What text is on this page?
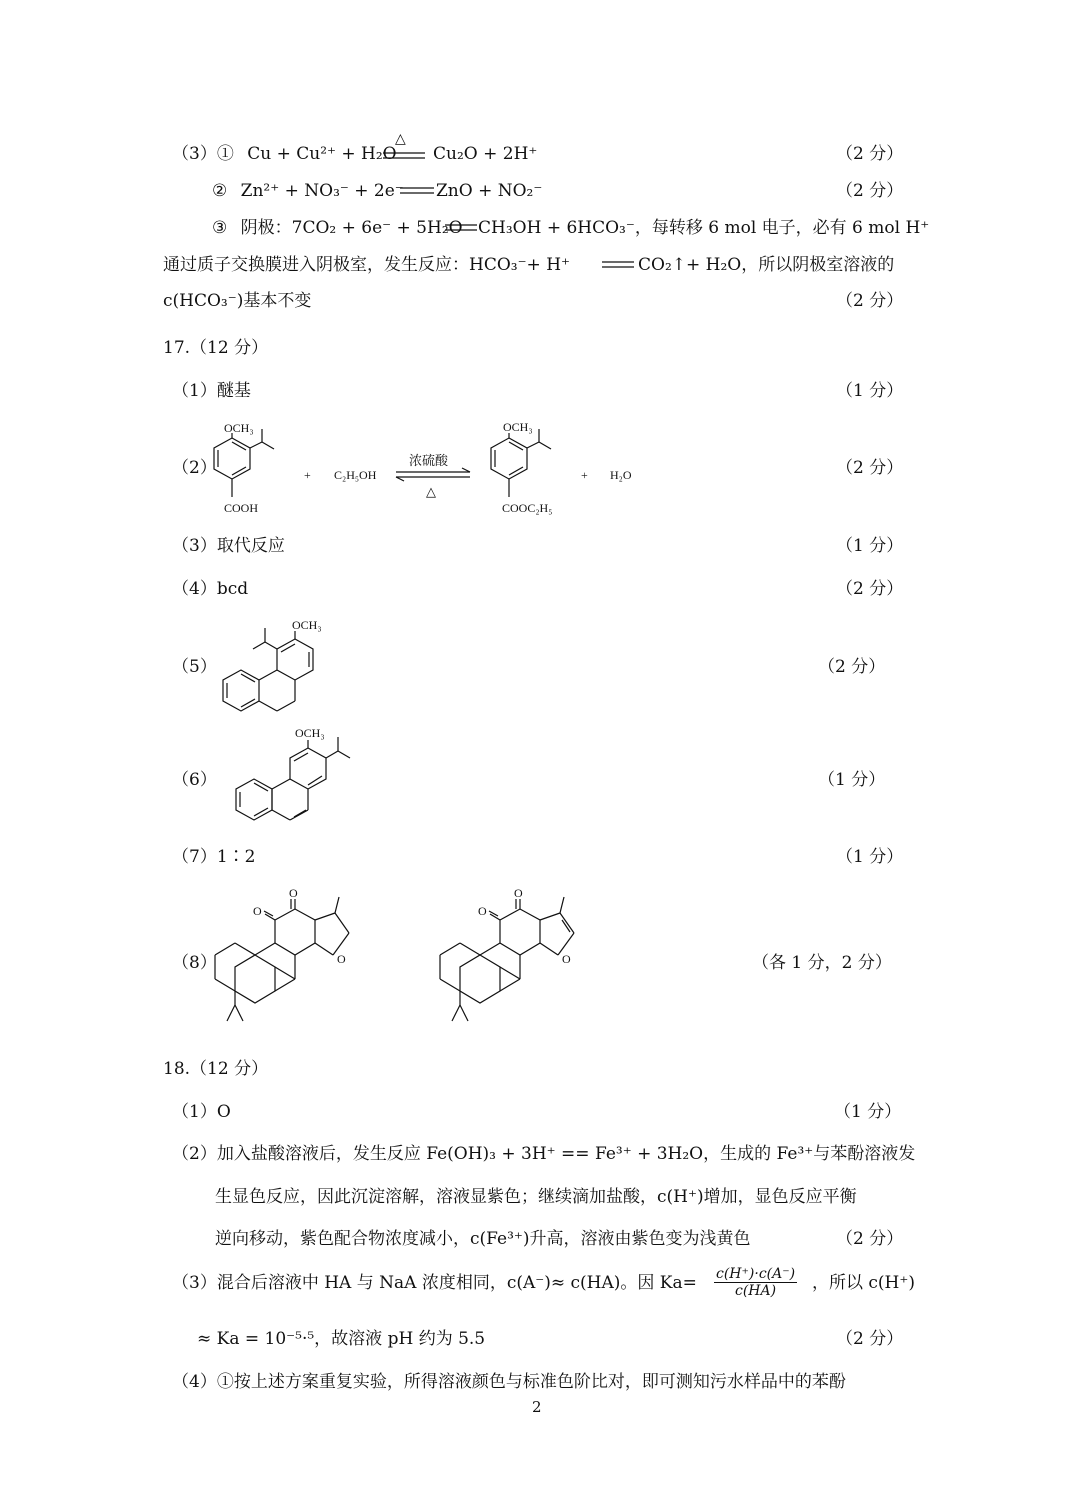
（3）① Cu + Cu²⁺ + H₂O
△
Cu₂O + 2H⁺	（2 分）
② Zn²⁺ + NO₃⁻ + 2e⁻ ZnO + NO₂⁻	（2 分）
③ 阴极：7CO₂ + 6e⁻ + 5H₂O CH₃OH + 6HCO₃⁻，每转移 6 mol 电子，必有 6 mol H⁺
通过质子交换膜进入阴极室，发生反应：HCO₃⁻+ H⁺	CO₂↑+ H₂O，所以阴极室溶液的
c(HCO₃⁻)基本不变	（2 分）
17.（12 分）
（1）醚基	（1 分）
（2）
OCH₃
COOH
+ C₂H₅OH
浓硫酸
△
OCH₃
COOC₂H₅
+ H₂O	（2 分）
（3）取代反应	（1 分）
（4）bcd	（2 分）
（5）
OCH₃
（2 分）
（6）
OCH₃
（1 分）
（7）1∶2	（1 分）
（8）
O
O
O
O
O
O	（各 1 分，2 分）
18.（12 分）
（1）O	（1 分）
（2）加入盐酸溶液后，发生反应 Fe(OH)₃ + 3H⁺ == Fe³⁺ + 3H₂O，生成的 Fe³⁺与苯酚溶液发
生显色反应，因此沉淀溶解，溶液显紫色；继续滴加盐酸，c(H⁺)增加，显色反应平衡
逆向移动，紫色配合物浓度减小，c(Fe³⁺)升高，溶液由紫色变为浅黄色	（2 分）
（3）混合后溶液中 HA 与 NaA 浓度相同，c(A⁻)≈ c(HA)。因 $Ka= \frac{c(H^+)\cdot c(A^-)}{c(HA)}$ ，所以 c(H⁺)
≈ Ka = 10⁻⁵·⁵，故溶液 pH 约为 5.5	（2 分）
（4）①按上述方案重复实验，所得溶液颜色与标准色阶比对，即可测知污水样品中的苯酚
2
